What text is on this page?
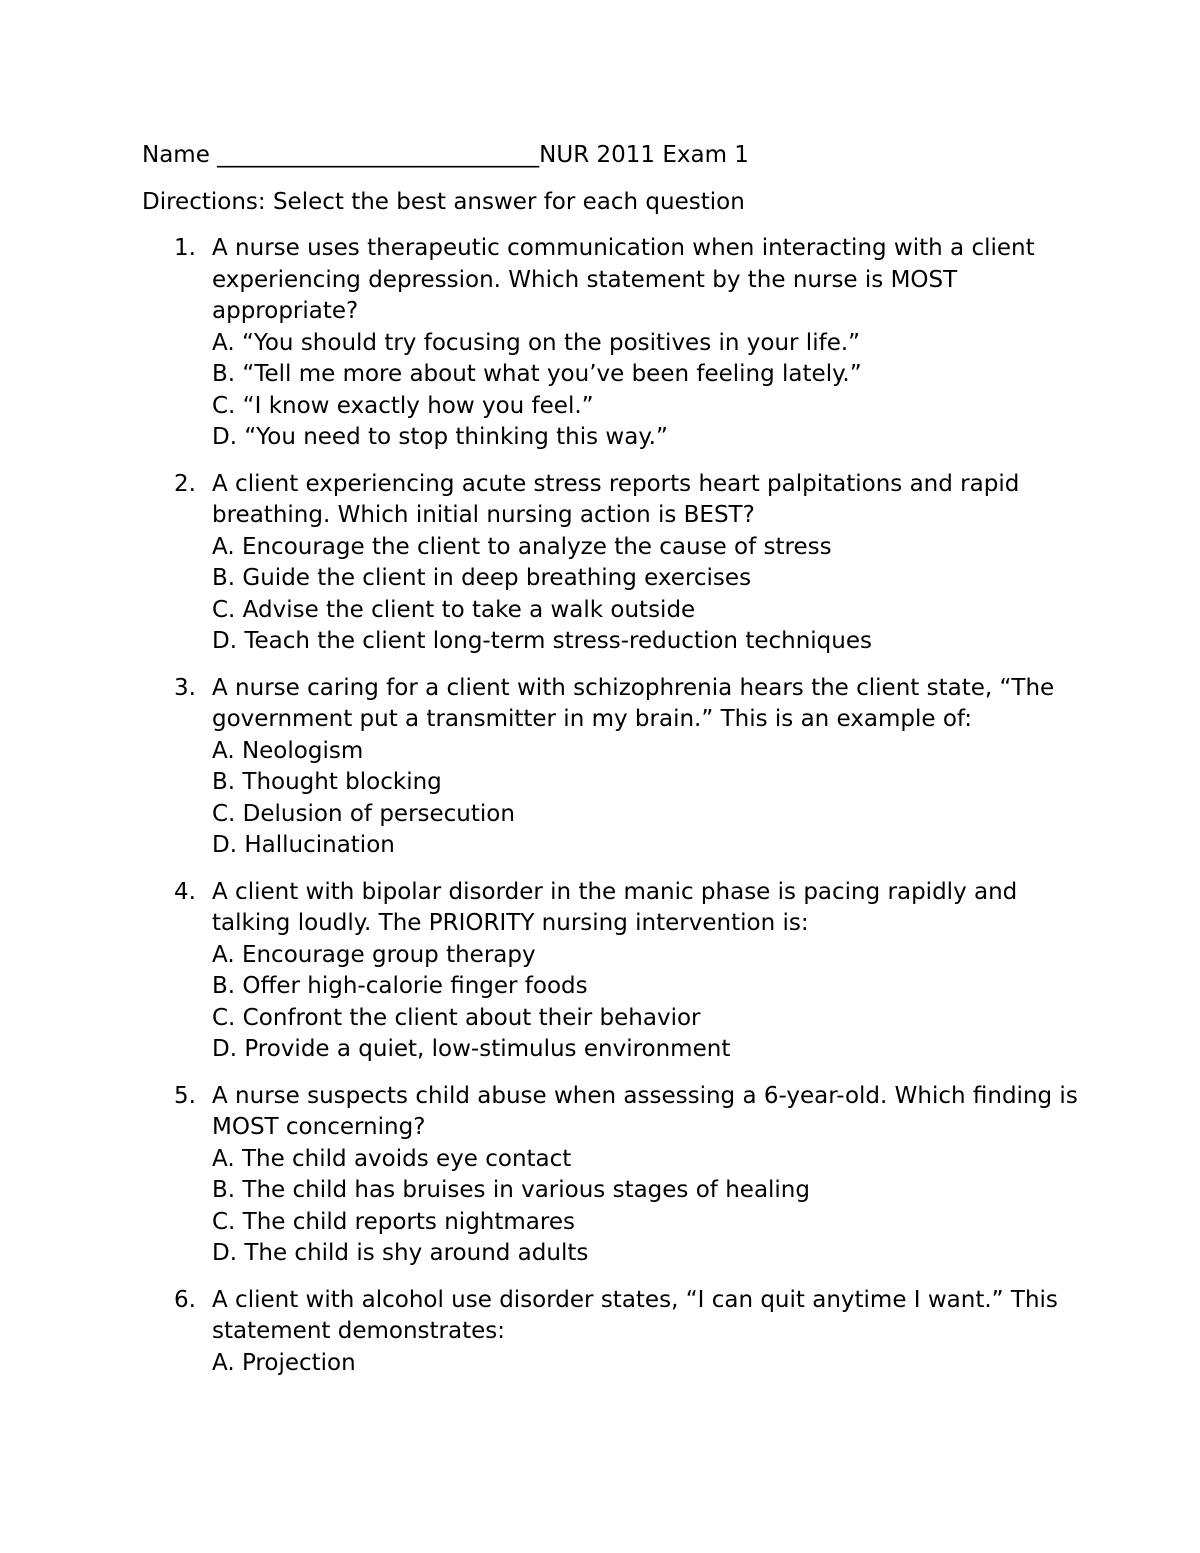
Name ____________________________NUR 2011 Exam 1

Directions: Select the best answer for each question
1. A nurse uses therapeutic communication when interacting with a client experiencing depression. Which statement by the nurse is MOST appropriate?
A. “You should try focusing on the positives in your life.”
B. “Tell me more about what you’ve been feeling lately.”
C. “I know exactly how you feel.”
D. “You need to stop thinking this way.”
2. A client experiencing acute stress reports heart palpitations and rapid breathing. Which initial nursing action is BEST?
A. Encourage the client to analyze the cause of stress
B. Guide the client in deep breathing exercises
C. Advise the client to take a walk outside
D. Teach the client long-term stress-reduction techniques
3. A nurse caring for a client with schizophrenia hears the client state, “The government put a transmitter in my brain.” This is an example of:
A. Neologism
B. Thought blocking
C. Delusion of persecution
D. Hallucination
4. A client with bipolar disorder in the manic phase is pacing rapidly and talking loudly. The PRIORITY nursing intervention is:
A. Encourage group therapy
B. Offer high-calorie finger foods
C. Confront the client about their behavior
D. Provide a quiet, low-stimulus environment
5. A nurse suspects child abuse when assessing a 6-year-old. Which finding is MOST concerning?
A. The child avoids eye contact
B. The child has bruises in various stages of healing
C. The child reports nightmares
D. The child is shy around adults
6. A client with alcohol use disorder states, “I can quit anytime I want.” This statement demonstrates:
A. Projection
